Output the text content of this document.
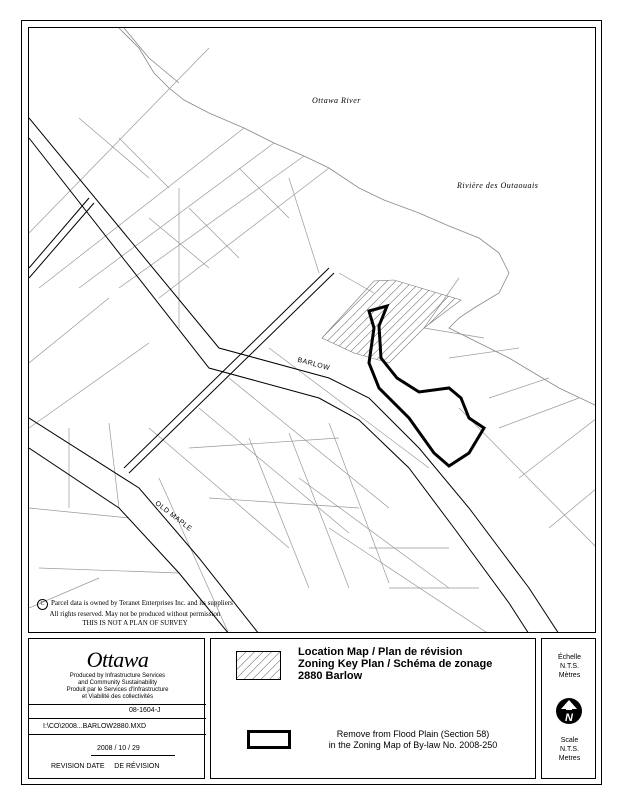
Ottawa River
Rivière des Outaouais
BARLOW
OLD MAPLE
C Parcel data is owned by Teranet Enterprises Inc. and its suppliers
All rights reserved. May not be produced without permission
THIS IS NOT A PLAN OF SURVEY
Ottawa
Produced by Infrastructure Services
and Community Sustainability
Produit par le Services d'Infrastructure
et Viabilité des collectivités
08-1604-J
I:\CO\2008...BARLOW2880.MXD
2008 / 10 / 29
REVISION DATE     DE RÉVISION
Location Map / Plan de révision
Zoning Key Plan / Schéma de zonage
2880 Barlow
Remove from Flood Plain (Section 58)
in the Zoning Map of By-law No. 2008-250
Échelle
N.T.S.
Mètres
N
Scale
N.T.S.
Metres
